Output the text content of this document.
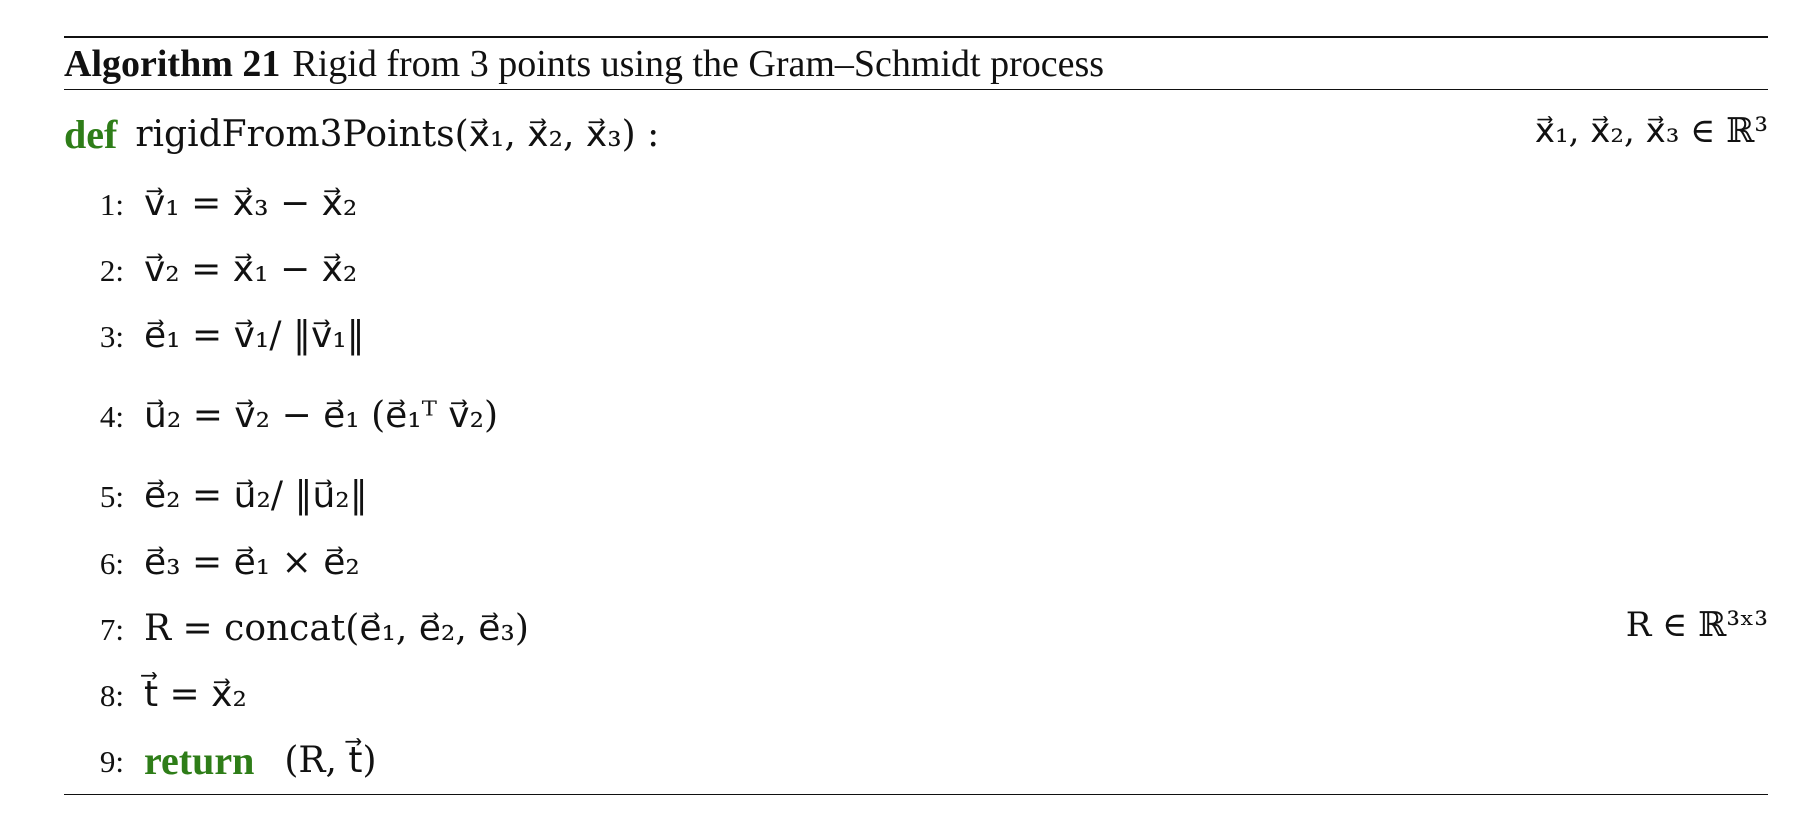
Algorithm 21 Rigid from 3 points using the Gram–Schmidt process
def rigidFrom3Points(x⃗₁, x⃗₂, x⃗₃) :	x⃗₁, x⃗₂, x⃗₃ ∈ ℝ³
1: v⃗₁ = x⃗₃ − x⃗₂
2: v⃗₂ = x⃗₁ − x⃗₂
3: e⃗₁ = v⃗₁/ ‖v⃗₁‖
4: u⃗₂ = v⃗₂ − e⃗₁ (e⃗₁ᵀ v⃗₂)
5: e⃗₂ = u⃗₂/ ‖u⃗₂‖
6: e⃗₃ = e⃗₁ × e⃗₂
7: R = concat(e⃗₁, e⃗₂, e⃗₃)	R ∈ ℝ³ˣ³
8: t⃗ = x⃗₂
9: return (R, t⃗)
